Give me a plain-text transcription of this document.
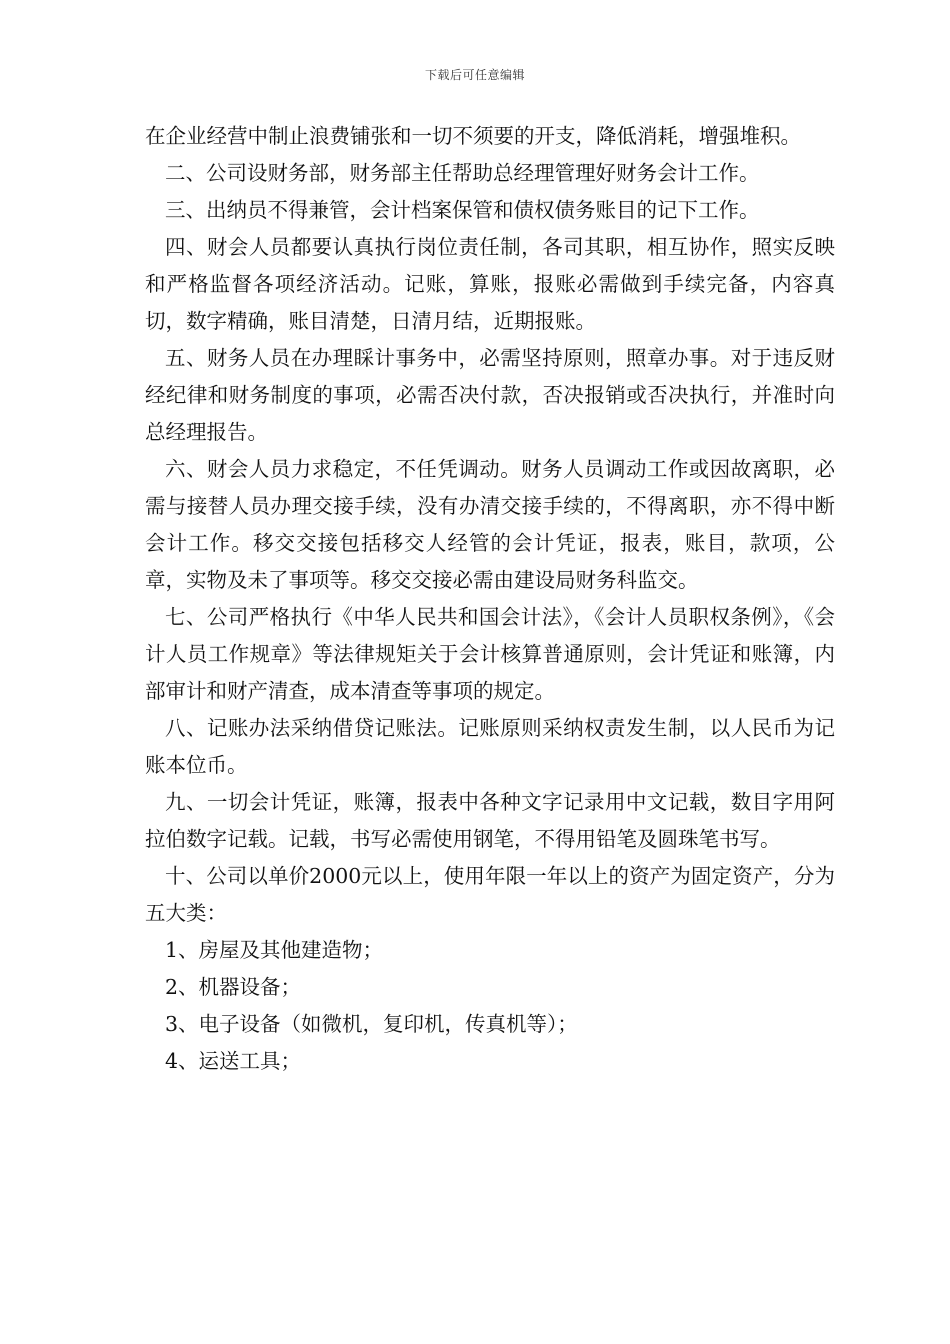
下载后可任意编辑

在企业经营中制止浪费铺张和一切不须要的开支，降低消耗，增强堆积。

二、公司设财务部，财务部主任帮助总经理管理好财务会计工作。

三、出纳员不得兼管，会计档案保管和债权债务账目的记下工作。

四、财会人员都要认真执行岗位责任制，各司其职，相互协作，照实反映和严格监督各项经济活动。记账，算账，报账必需做到手续完备，内容真切，数字精确，账目清楚，日清月结，近期报账。

五、财务人员在办理睬计事务中，必需坚持原则，照章办事。对于违反财经纪律和财务制度的事项，必需否决付款，否决报销或否决执行，并准时向总经理报告。

六、财会人员力求稳定，不任凭调动。财务人员调动工作或因故离职，必需与接替人员办理交接手续，没有办清交接手续的，不得离职，亦不得中断会计工作。移交交接包括移交人经管的会计凭证，报表，账目，款项，公章，实物及未了事项等。移交交接必需由建设局财务科监交。

七、公司严格执行《中华人民共和国会计法》，《会计人员职权条例》，《会计人员工作规章》等法律规矩关于会计核算普通原则，会计凭证和账簿，内部审计和财产清查，成本清查等事项的规定。

八、记账办法采纳借贷记账法。记账原则采纳权责发生制，以人民币为记账本位币。

九、一切会计凭证，账簿，报表中各种文字记录用中文记载，数目字用阿拉伯数字记载。记载，书写必需使用钢笔，不得用铅笔及圆珠笔书写。

十、公司以单价2000元以上，使用年限一年以上的资产为固定资产，分为五大类：

1、房屋及其他建造物；

2、机器设备；

3、电子设备（如微机，复印机，传真机等）；

4、运送工具；
